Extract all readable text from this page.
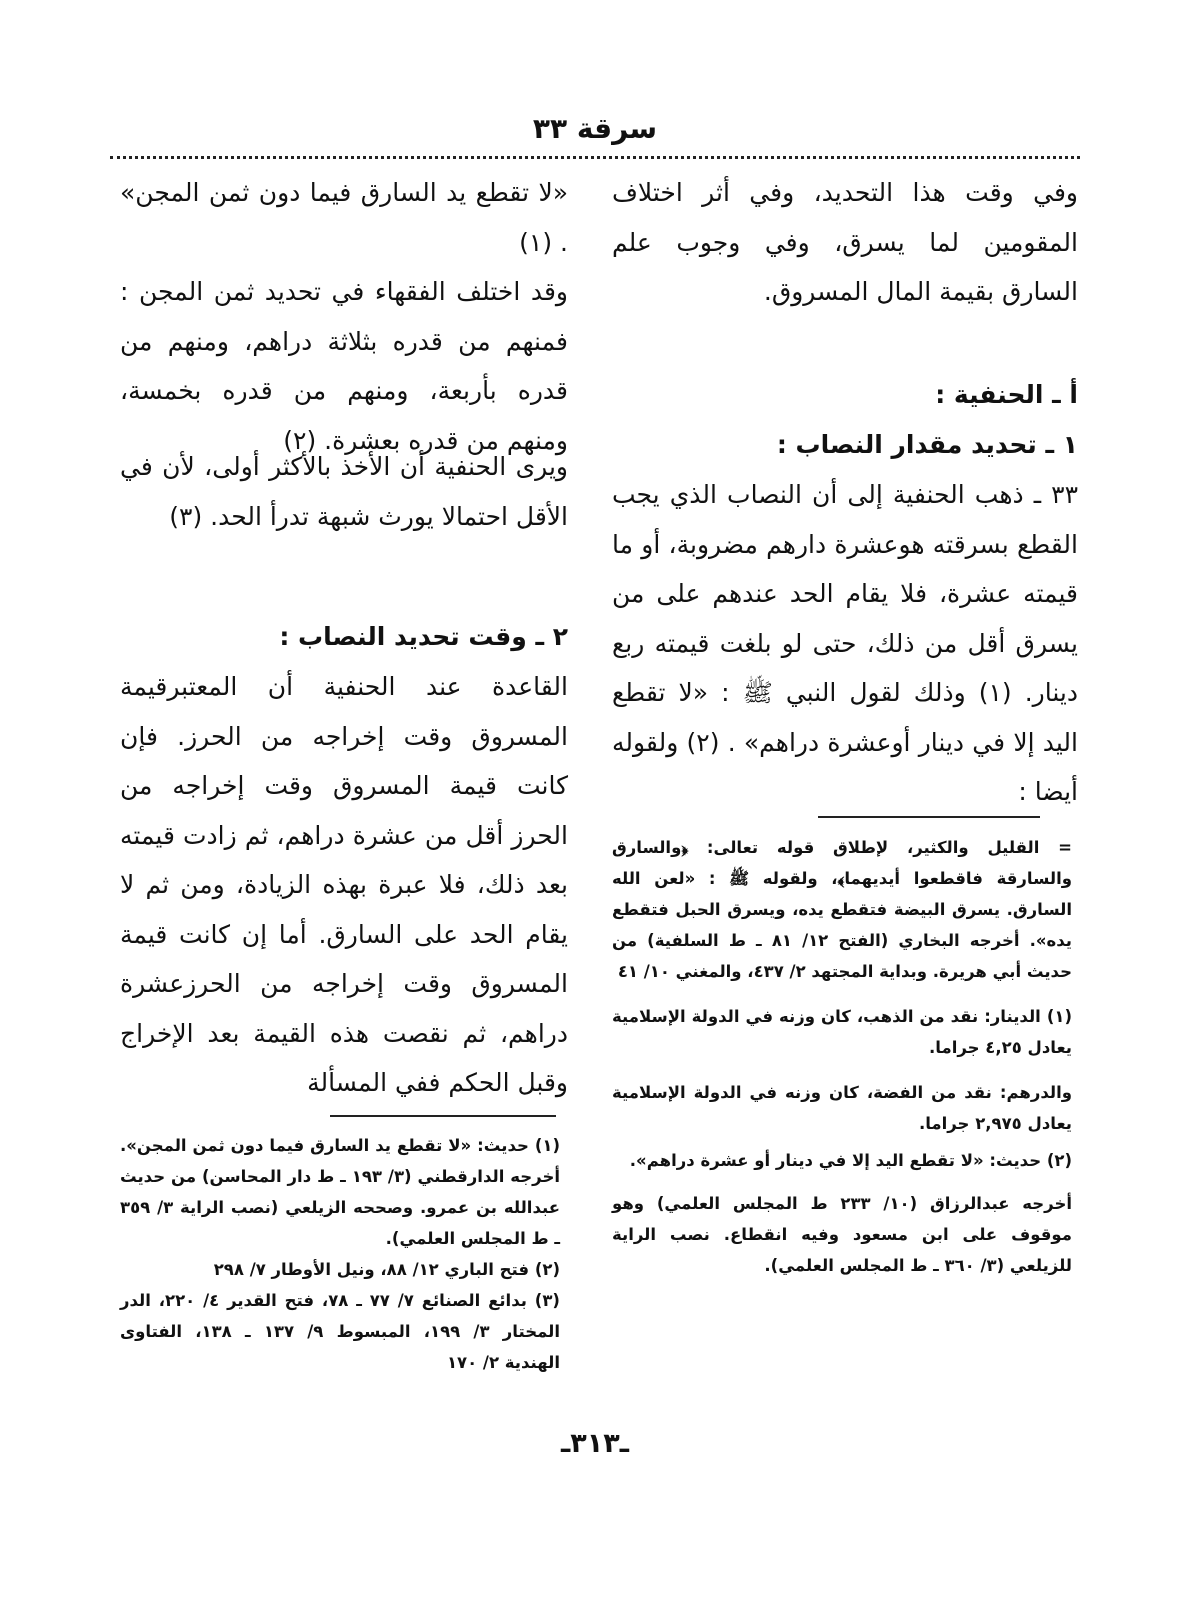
سرقة ٣٣

وفي وقت هذا التحديد، وفي أثر اختلاف المقومين لما يسرق، وفي وجوب علم السارق بقيمة المال المسروق.

أ ـ الحنفية :

١ ـ تحديد مقدار النصاب :

٣٣ ـ ذهب الحنفية إلى أن النصاب الذي يجب القطع بسرقته هوعشرة دارهم مضروبة، أو ما قيمته عشرة، فلا يقام الحد عندهم على من يسرق أقل من ذلك، حتى لو بلغت قيمته ربع دينار. (١) وذلك لقول النبي ﷺ : «لا تقطع اليد إلا في دينار أوعشرة دراهم» . (٢) ولقوله أيضا :

= القليل والكثير، لإطلاق قوله تعالى: ﴿والسارق والسارقة فاقطعوا أيديهما﴾، ولقوله ﷺ : «لعن الله السارق. يسرق البيضة فتقطع يده، ويسرق الحبل فتقطع يده». أخرجه البخاري (الفتح ١٢/ ٨١ ـ ط السلفية) من حديث أبي هريرة. وبداية المجتهد ٢/ ٤٣٧، والمغني ١٠/ ٤١

(١) الدينار: نقد من الذهب، كان وزنه في الدولة الإسلامية يعادل ٤,٢٥ جراما.

والدرهم: نقد من الفضة، كان وزنه في الدولة الإسلامية يعادل ٢,٩٧٥ جراما.

(٢) حديث: «لا تقطع اليد إلا في دينار أو عشرة دراهم».

أخرجه عبدالرزاق (١٠/ ٢٣٣ ط المجلس العلمي) وهو موقوف على ابن مسعود وفيه انقطاع. نصب الراية للزيلعي (٣/ ٣٦٠ ـ ط المجلس العلمي).

«لا تقطع يد السارق فيما دون ثمن المجن» . (١)

وقد اختلف الفقهاء في تحديد ثمن المجن : فمنهم من قدره بثلاثة دراهم، ومنهم من قدره بأربعة، ومنهم من قدره بخمسة، ومنهم من قدره بعشرة. (٢)

ويرى الحنفية أن الأخذ بالأكثر أولى، لأن في الأقل احتمالا يورث شبهة تدرأ الحد. (٣)

٢ ـ وقت تحديد النصاب :

القاعدة عند الحنفية أن المعتبرقيمة المسروق وقت إخراجه من الحرز. فإن كانت قيمة المسروق وقت إخراجه من الحرز أقل من عشرة دراهم، ثم زادت قيمته بعد ذلك، فلا عبرة بهذه الزيادة، ومن ثم لا يقام الحد على السارق. أما إن كانت قيمة المسروق وقت إخراجه من الحرزعشرة دراهم، ثم نقصت هذه القيمة بعد الإخراج وقبل الحكم ففي المسألة

(١) حديث: «لا تقطع يد السارق فيما دون ثمن المجن». أخرجه الدارقطني (٣/ ١٩٣ ـ ط دار المحاسن) من حديث عبدالله بن عمرو. وصححه الزيلعي (نصب الراية ٣/ ٣٥٩ ـ ط المجلس العلمي).

(٢) فتح الباري ١٢/ ٨٨، ونيل الأوطار ٧/ ٢٩٨

(٣) بدائع الصنائع ٧/ ٧٧ ـ ٧٨، فتح القدير ٤/ ٢٢٠، الدر المختار ٣/ ١٩٩، المبسوط ٩/ ١٣٧ ـ ١٣٨، الفتاوى الهندية ٢/ ١٧٠

ـ٣١٣ـ
